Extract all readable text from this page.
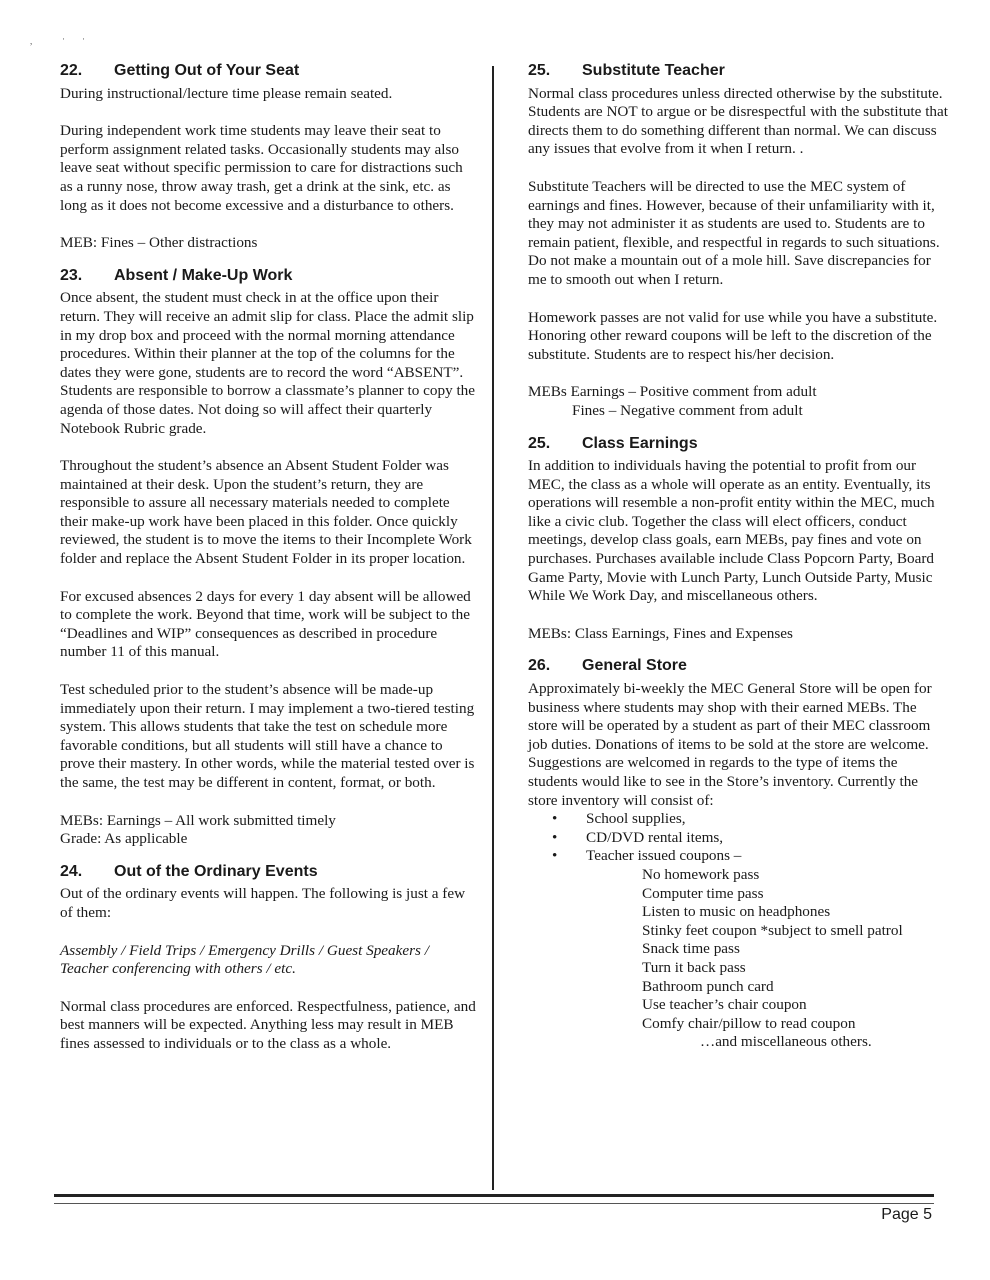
,	· ·
22. Getting Out of Your Seat

During instructional/lecture time please remain seated.

During independent work time students may leave their seat to perform assignment related tasks. Occasionally students may also leave seat without specific permission to care for distractions such as a runny nose, throw away trash, get a drink at the sink, etc. as long as it does not become excessive and a disturbance to others.

MEB: Fines – Other distractions

23. Absent / Make-Up Work

Once absent, the student must check in at the office upon their return. They will receive an admit slip for class. Place the admit slip in my drop box and proceed with the normal morning attendance procedures. Within their planner at the top of the columns for the dates they were gone, students are to record the word “ABSENT”. Students are responsible to borrow a classmate’s planner to copy the agenda of those dates. Not doing so will affect their quarterly Notebook Rubric grade.

Throughout the student’s absence an Absent Student Folder was maintained at their desk. Upon the student’s return, they are responsible to assure all necessary materials needed to complete their make-up work have been placed in this folder. Once quickly reviewed, the student is to move the items to their Incomplete Work folder and replace the Absent Student Folder in its proper location.

For excused absences 2 days for every 1 day absent will be allowed to complete the work. Beyond that time, work will be subject to the “Deadlines and WIP” consequences as described in procedure number 11 of this manual.

Test scheduled prior to the student’s absence will be made-up immediately upon their return. I may implement a two-tiered testing system. This allows students that take the test on schedule more favorable conditions, but all students will still have a chance to prove their mastery. In other words, while the material tested over is the same, the test may be different in content, format, or both.

MEBs: Earnings – All work submitted timely

Grade: As applicable

24. Out of the Ordinary Events

Out of the ordinary events will happen. The following is just a few of them:

Assembly / Field Trips / Emergency Drills / Guest Speakers / Teacher conferencing with others / etc.

Normal class procedures are enforced. Respectfulness, patience, and best manners will be expected. Anything less may result in MEB fines assessed to individuals or to the class as a whole.

25. Substitute Teacher

Normal class procedures unless directed otherwise by the substitute. Students are NOT to argue or be disrespectful with the substitute that directs them to do something different than normal. We can discuss any issues that evolve from it when I return. .

Substitute Teachers will be directed to use the MEC system of earnings and fines. However, because of their unfamiliarity with it, they may not administer it as students are used to. Students are to remain patient, flexible, and respectful in regards to such situations. Do not make a mountain out of a mole hill. Save discrepancies for me to smooth out when I return.

Homework passes are not valid for use while you have a substitute. Honoring other reward coupons will be left to the discretion of the substitute. Students are to respect his/her decision.

MEBs Earnings – Positive comment from adult

Fines – Negative comment from adult

25. Class Earnings

In addition to individuals having the potential to profit from our MEC, the class as a whole will operate as an entity. Eventually, its operations will resemble a non-profit entity within the MEC, much like a civic club. Together the class will elect officers, conduct meetings, develop class goals, earn MEBs, pay fines and vote on purchases. Purchases available include Class Popcorn Party, Board Game Party, Movie with Lunch Party, Lunch Outside Party, Music While We Work Day, and miscellaneous others.

MEBs: Class Earnings, Fines and Expenses

26. General Store

Approximately bi-weekly the MEC General Store will be open for business where students may shop with their earned MEBs. The store will be operated by a student as part of their MEC classroom job duties. Donations of items to be sold at the store are welcome. Suggestions are welcomed in regards to the type of items the students would like to see in the Store’s inventory. Currently the store inventory will consist of:

• School supplies,
• CD/DVD rental items,
• Teacher issued coupons –
No homework pass
Computer time pass
Listen to music on headphones
Stinky feet coupon *subject to smell patrol
Snack time pass
Turn it back pass
Bathroom punch card
Use teacher’s chair coupon
Comfy chair/pillow to read coupon
…and miscellaneous others.
Page 5
